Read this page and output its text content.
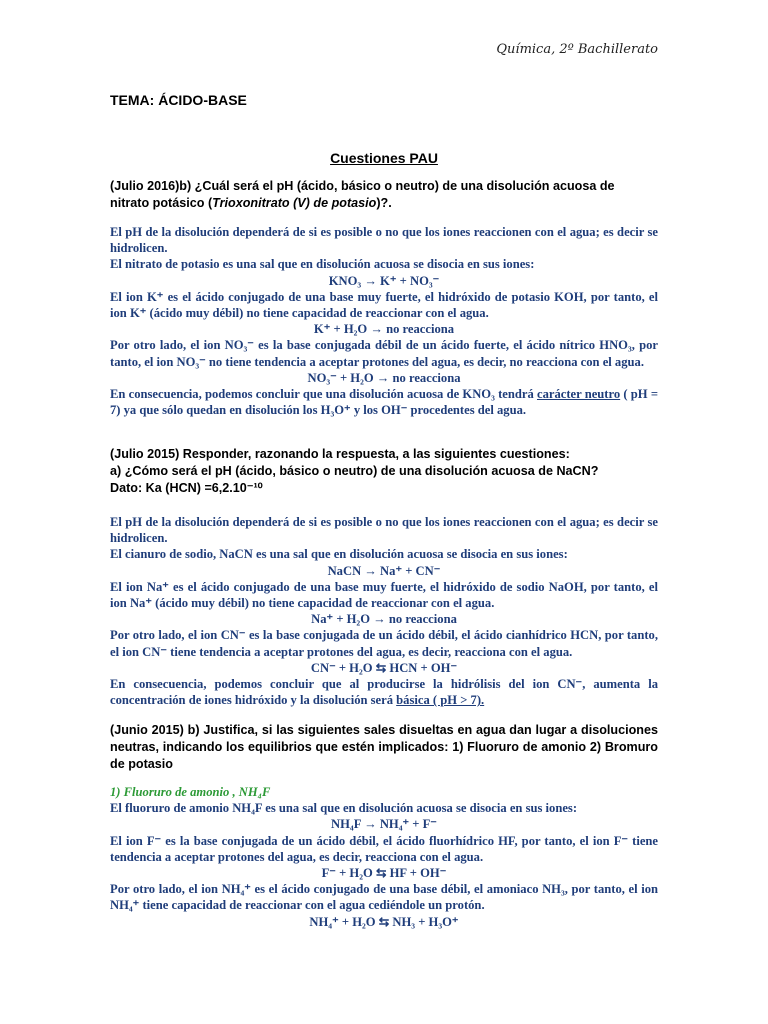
Química, 2º Bachillerato
TEMA: ÁCIDO-BASE
Cuestiones PAU
(Julio 2016)b) ¿Cuál será el pH (ácido, básico o neutro) de una disolución acuosa de
nitrato potásico (Trioxonitrato (V) de potasio)?.
El pH de la disolución dependerá de si es posible o no que los iones reaccionen con el agua; es decir se hidrolicen.
El nitrato de potasio es una sal que en disolución acuosa se disocia en sus iones:
KNO₃ → K⁺ + NO₃⁻
El ion K⁺ es el ácido conjugado de una base muy fuerte, el hidróxido de potasio KOH, por tanto, el ion K⁺ (ácido muy débil) no tiene capacidad de reaccionar con el agua.
K⁺ + H₂O → no reacciona
Por otro lado, el ion NO₃⁻ es la base conjugada débil de un ácido fuerte, el ácido nítrico HNO₃, por tanto, el ion NO₃⁻ no tiene tendencia a aceptar protones del agua, es decir, no reacciona con el agua.
NO₃⁻ + H₂O → no reacciona
En consecuencia, podemos concluir que una disolución acuosa de KNO₃ tendrá carácter neutro ( pH = 7) ya que sólo quedan en disolución los H₃O⁺ y los OH⁻ procedentes del agua.
(Julio 2015) Responder, razonando la respuesta, a las siguientes cuestiones:
a) ¿Cómo será el pH (ácido, básico o neutro) de una disolución acuosa de NaCN?
Dato: Ka (HCN) =6,2.10⁻¹⁰
El pH de la disolución dependerá de si es posible o no que los iones reaccionen con el agua; es decir se hidrolicen.
El cianuro de sodio, NaCN es una sal que en disolución acuosa se disocia en sus iones:
NaCN → Na⁺ + CN⁻
El ion Na⁺ es el ácido conjugado de una base muy fuerte, el hidróxido de sodio NaOH, por tanto, el ion Na⁺ (ácido muy débil) no tiene capacidad de reaccionar con el agua.
Na⁺ + H₂O → no reacciona
Por otro lado, el ion CN⁻ es la base conjugada de un ácido débil, el ácido cianhídrico HCN, por tanto, el ion CN⁻ tiene tendencia a aceptar protones del agua, es decir, reacciona con el agua.
CN⁻ + H₂O ⇆ HCN + OH⁻
En consecuencia, podemos concluir que al producirse la hidrólisis del ion CN⁻, aumenta la concentración de iones hidróxido y la disolución será básica ( pH > 7).
(Junio 2015) b) Justifica, si las siguientes sales disueltas en agua dan lugar a disoluciones neutras, indicando los equilibrios que estén implicados: 1) Fluoruro de amonio 2) Bromuro de potasio
1) Fluoruro de amonio , NH₄F
El fluoruro de amonio NH₄F es una sal que en disolución acuosa se disocia en sus iones:
NH₄F → NH₄⁺ + F⁻
El ion F⁻ es la base conjugada de un ácido débil, el ácido fluorhídrico HF, por tanto, el ion F⁻ tiene tendencia a aceptar protones del agua, es decir, reacciona con el agua.
F⁻ + H₂O ⇆ HF + OH⁻
Por otro lado, el ion NH₄⁺ es el ácido conjugado de una base débil, el amoniaco NH₃, por tanto, el ion NH₄⁺ tiene capacidad de reaccionar con el agua cediéndole un protón.
NH₄⁺ + H₂O ⇆ NH₃ + H₃O⁺
